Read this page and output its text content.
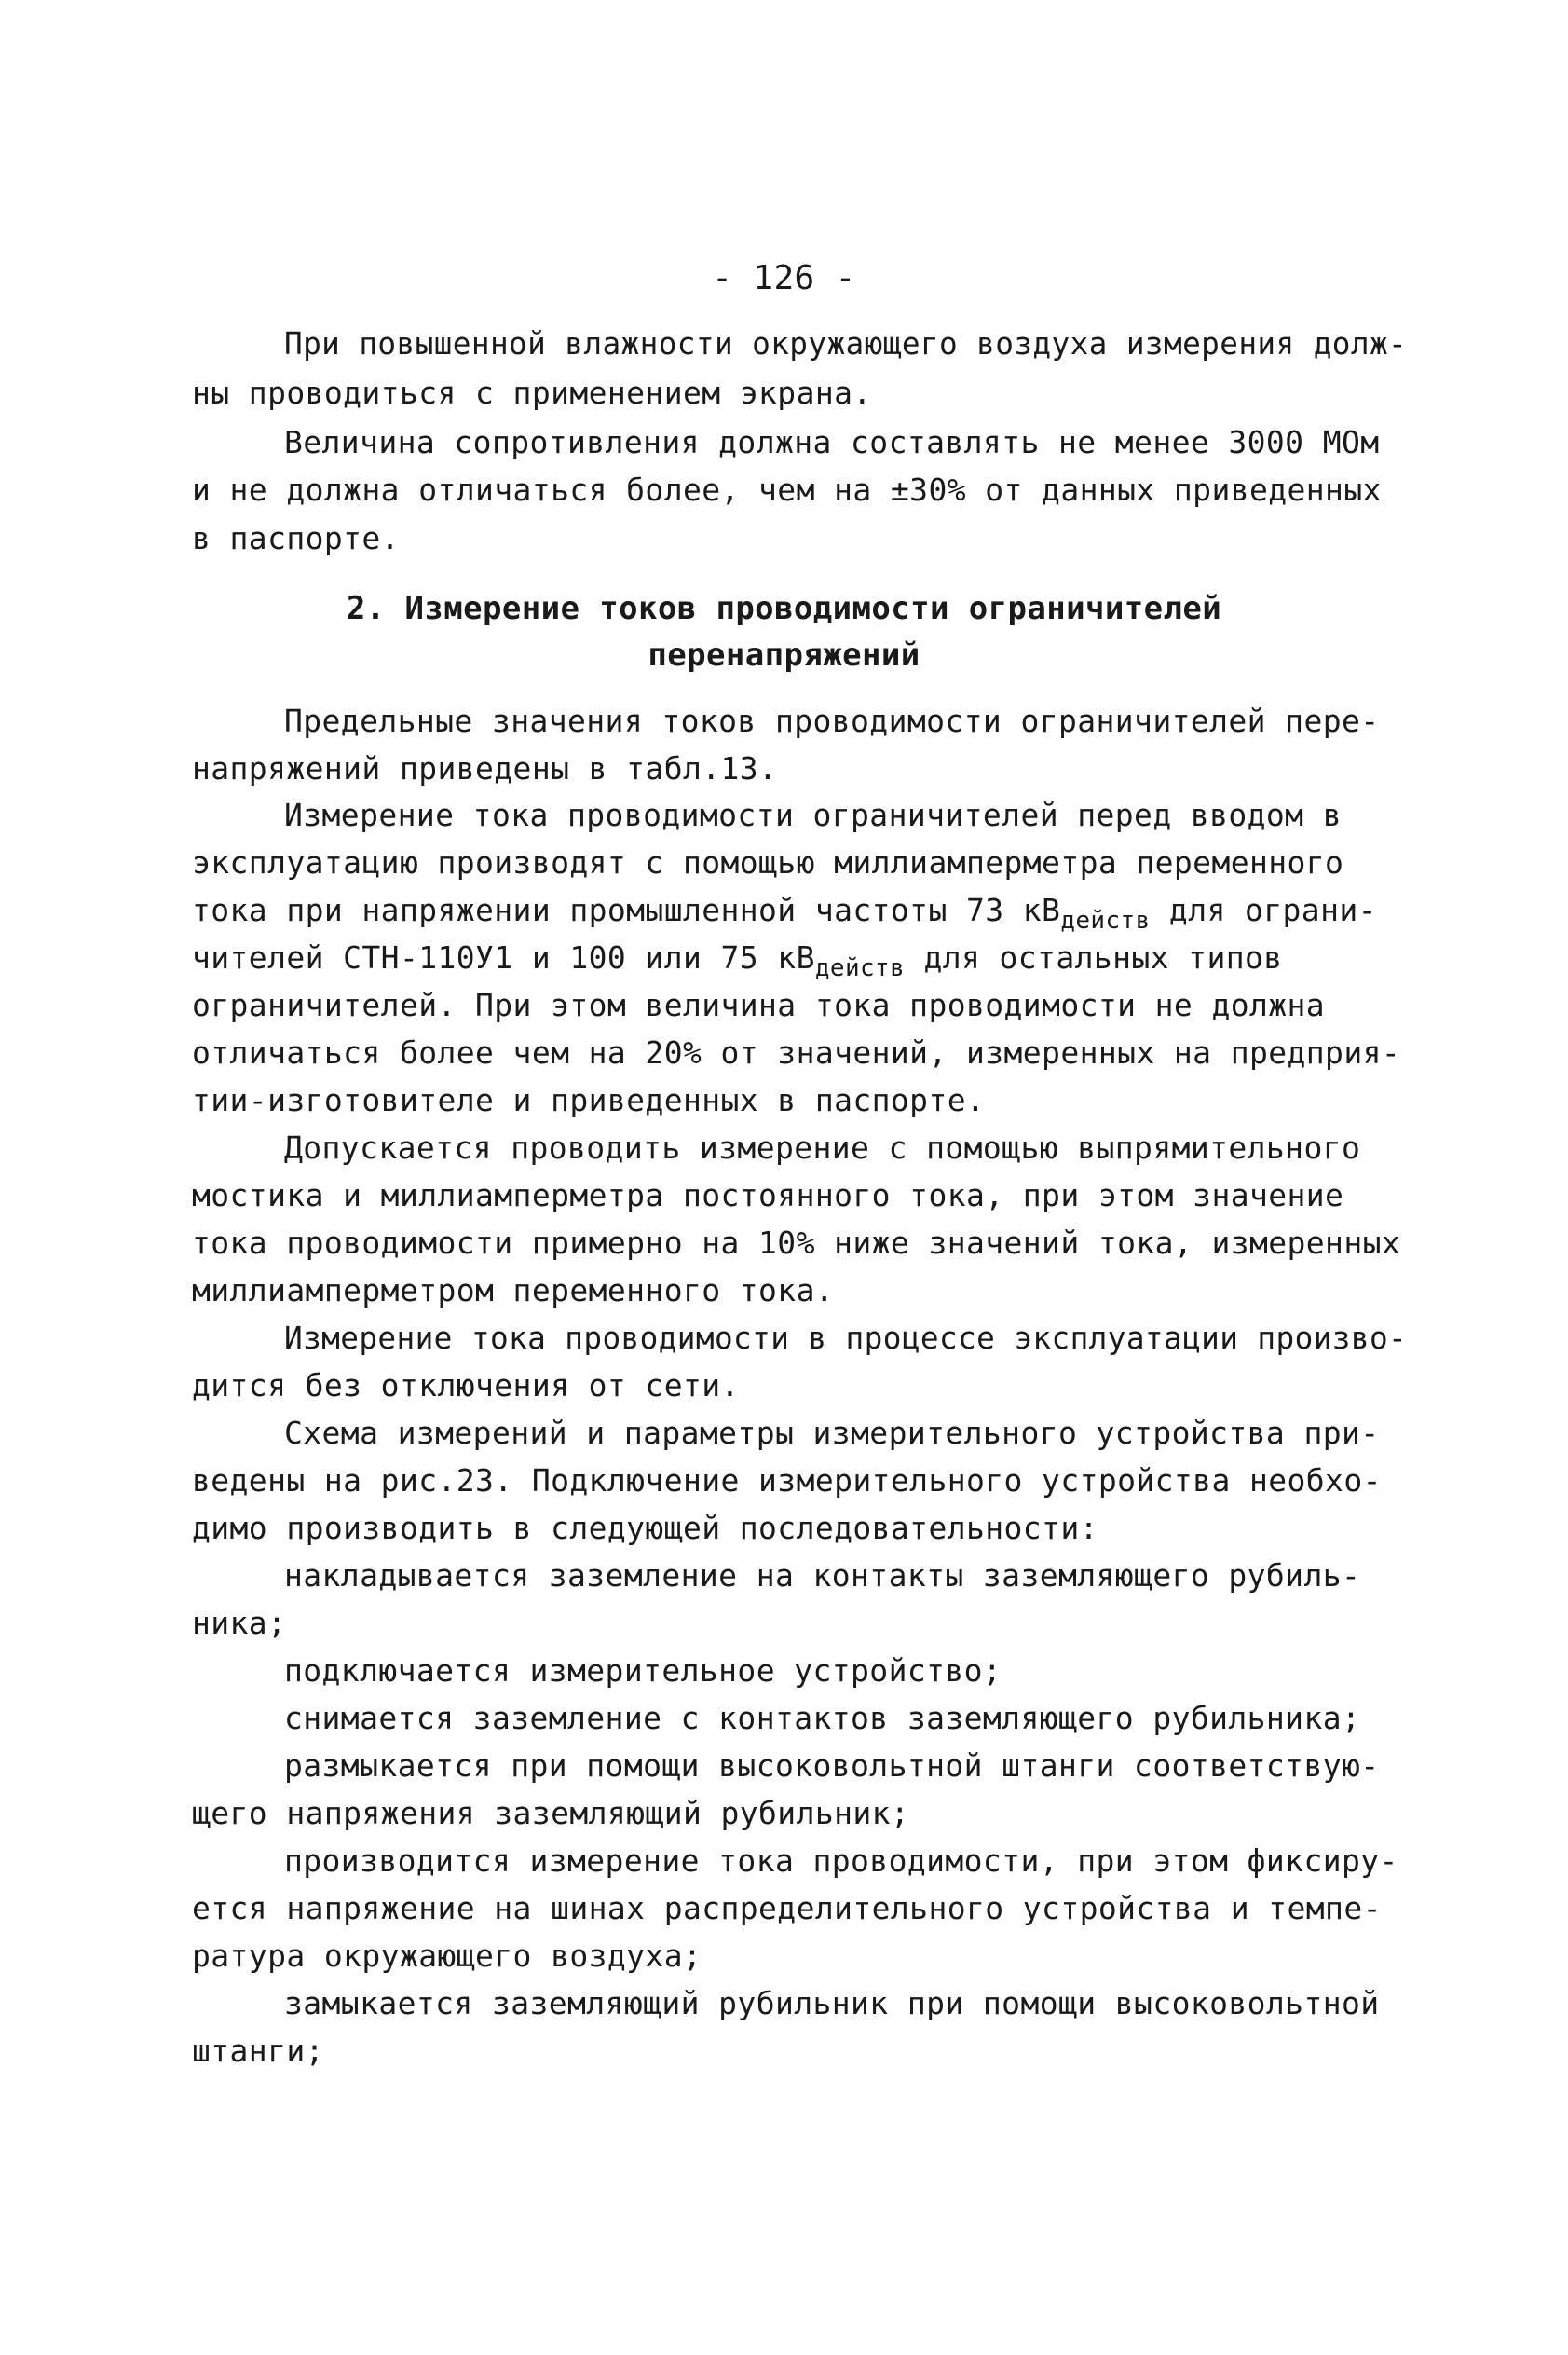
- 126 -
При повышенной влажности окружающего воздуха измерения долж-
ны проводиться с применением экрана.
Величина сопротивления должна составлять не менее 3000 МОм
и не должна отличаться более, чем на ±30% от данных приведенных
в паспорте.
2. Измерение токов проводимости ограничителей
перенапряжений
Предельные значения токов проводимости ограничителей пере-
напряжений приведены в табл.13.
Измерение тока проводимости ограничителей перед вводом в
эксплуатацию производят с помощью миллиамперметра переменного
тока при напряжении промышленной частоты 73 $кВ_{действ}$ для ограни-
чителей СТН-110У1 и 100 или 75 $кВ_{действ}$ для остальных типов
ограничителей. При этом величина тока проводимости не должна
отличаться более чем на 20% от значений, измеренных на предприя-
тии-изготовителе и приведенных в паспорте.
Допускается проводить измерение с помощью выпрямительного
мостика и миллиамперметра постоянного тока, при этом значение
тока проводимости примерно на 10% ниже значений тока, измеренных
миллиамперметром переменного тока.
Измерение тока проводимости в процессе эксплуатации произво-
дится без отключения от сети.
Схема измерений и параметры измерительного устройства при-
ведены на рис.23. Подключение измерительного устройства необхо-
димо производить в следующей последовательности:
накладывается заземление на контакты заземляющего рубиль-
ника;
подключается измерительное устройство;
снимается заземление с контактов заземляющего рубильника;
размыкается при помощи высоковольтной штанги соответствую-
щего напряжения заземляющий рубильник;
производится измерение тока проводимости, при этом фиксиру-
ется напряжение на шинах распределительного устройства и темпе-
ратура окружающего воздуха;
замыкается заземляющий рубильник при помощи высоковольтной
штанги;
